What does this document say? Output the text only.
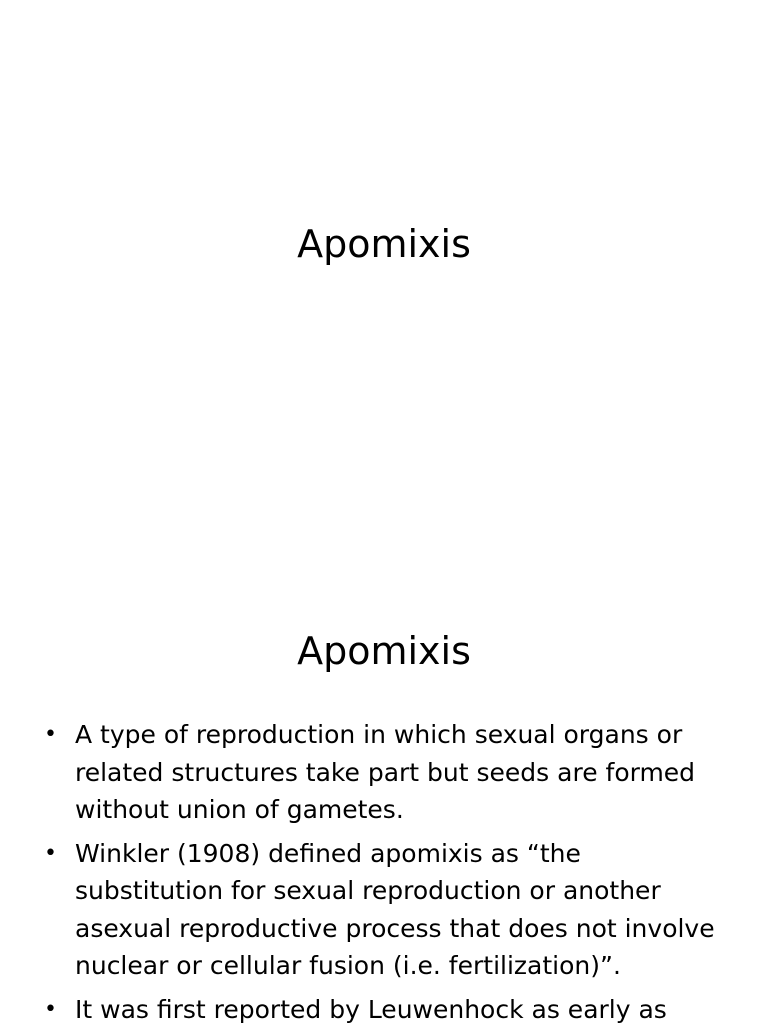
Apomixis
Apomixis
• A type of reproduction in which sexual organs or
related structures take part but seeds are formed
without union of gametes.
• Winkler (1908) defined apomixis as “the
substitution for sexual reproduction or another
asexual reproductive process that does not involve
nuclear or cellular fusion (i.e. fertilization)”.
• It was first reported by Leuwenhock as early as
